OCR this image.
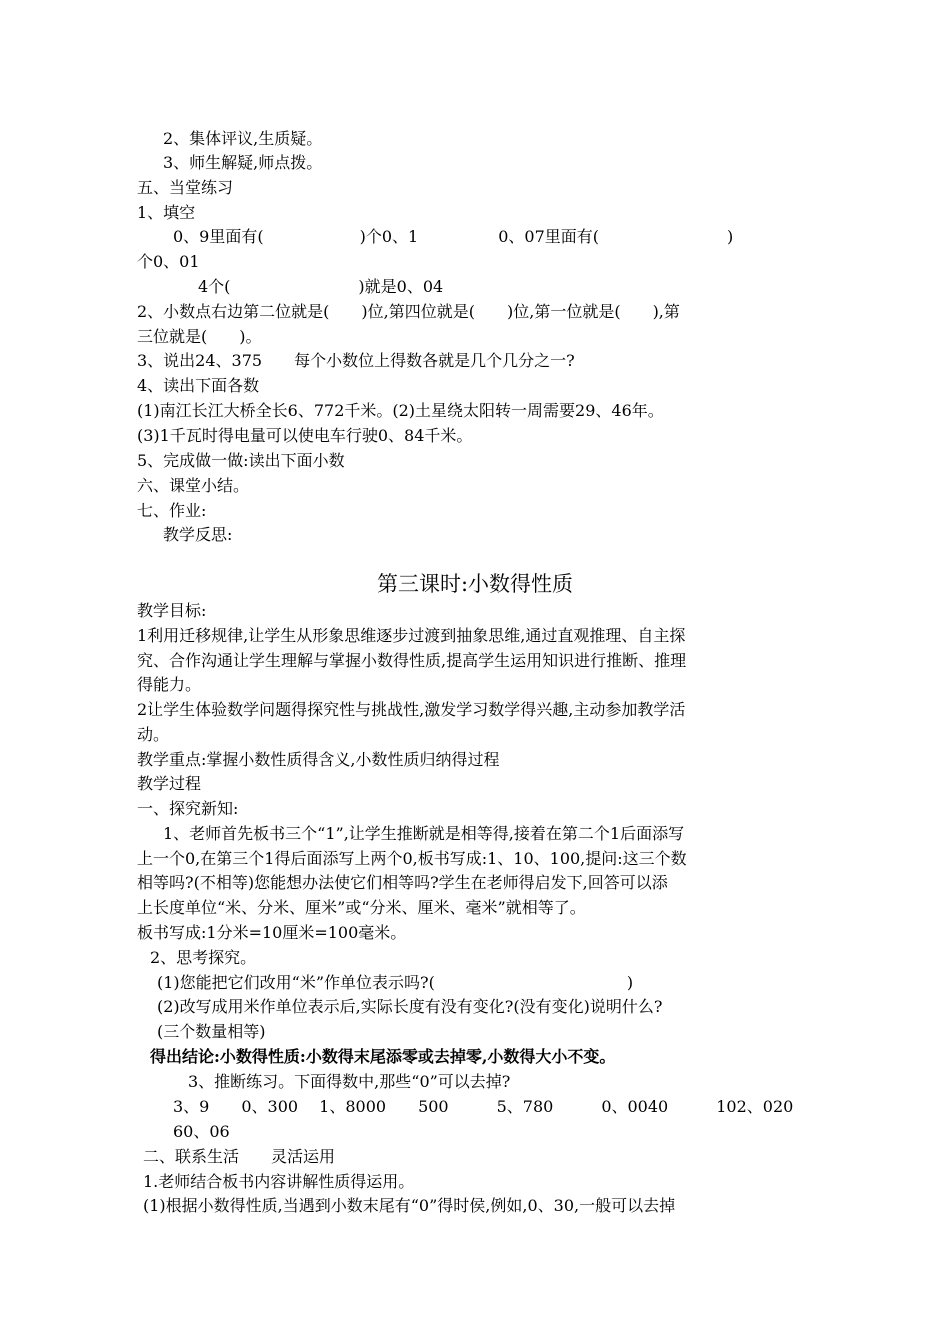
2、集体评议,生质疑。
3、师生解疑,师点拨。
五、当堂练习
1、填空
0、9里面有(　　　　　　)个0、1　　　　　0、07里面有(　　　　　　　　)
个0、01
4个(　　　　　　　　)就是0、04
2、小数点右边第二位就是(　　)位,第四位就是(　　)位,第一位就是(　　),第
三位就是(　　)。
3、说出24、375　　每个小数位上得数各就是几个几分之一?
4、读出下面各数
(1)南江长江大桥全长6、772千米。(2)土星绕太阳转一周需要29、46年。
(3)1千瓦时得电量可以使电车行驶0、84千米。
5、完成做一做:读出下面小数
六、课堂小结。
七、作业:
教学反思:
第三课时:小数得性质
教学目标:
1利用迁移规律,让学生从形象思维逐步过渡到抽象思维,通过直观推理、自主探
究、合作沟通让学生理解与掌握小数得性质,提高学生运用知识进行推断、推理
得能力。
2让学生体验数学问题得探究性与挑战性,激发学习数学得兴趣,主动参加教学活
动。
教学重点:掌握小数性质得含义,小数性质归纳得过程
教学过程
一、探究新知:
1、老师首先板书三个“1”,让学生推断就是相等得,接着在第二个1后面添写
上一个0,在第三个1得后面添写上两个0,板书写成:1、10、100,提问:这三个数
相等吗?(不相等)您能想办法使它们相等吗?学生在老师得启发下,回答可以添
上长度单位“米、分米、厘米”或“分米、厘米、毫米”就相等了。
板书写成:1分米=10厘米=100毫米。
2、思考探究。
(1)您能把它们改用“米”作单位表示吗?(　　　　　　　　　　　　)
(2)改写成用米作单位表示后,实际长度有没有变化?(没有变化)说明什么?
(三个数量相等)
得出结论:小数得性质:小数得末尾添零或去掉零,小数得大小不变。
3、推断练习。下面得数中,那些“0”可以去掉?
3、9　　0、300　 1、8000　　500　　　5、780　　　0、0040　　　102、020
60、06
二、联系生活　　灵活运用
1.老师结合板书内容讲解性质得运用。
(1)根据小数得性质,当遇到小数末尾有“0”得时侯,例如,0、30,一般可以去掉
